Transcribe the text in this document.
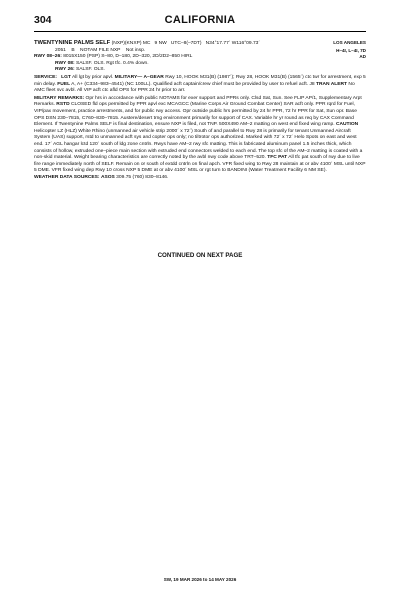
304	CALIFORNIA
TWENTYNINE PALMS SELF (NXP)(KNXP) MC 9 NW UTC–8(–7DT) N34°17.77´ W116°09.73´	LOS ANGELES
2051 B NOTAM FILE NXP Not insp.	H–4I, L–4I, 7D
RWY 08–26: 8015X150 (PSP) S–80, D–180, 2D–320, 2D/2D2–850 HIRL	AD
RWY 08: SALSF. OLS. Rgt tfc. 0.4% down.
RWY 26: SALSF. OLS.
SERVICE: LGT All lgt by prior apvl. MILITARY— A–GEAR Rwy 10, HOOK M31(B) (1987´); Rwy 28, HOOK M31(B) (1565´) ctc twr for arrestment, exp 5 min delay. FUEL A, A+ (C334–983–4541) (NC 100LL). Qualified acft captain/crew chief must be provided by user to refuel acft. J8 TRAN ALERT No AMC fleet svc avbl. All VIP acft ctc afld OPS for PPR 24 hr prior to arr.
MILITARY REMARKS: Opr hrs in accordance with public NOTAMS for exer support and PPRs only. Clsd Sat, Sun. See FLIP AP/1, Supplementary Arpt Remarks. RSTD CLOSED fld ops permitted by PPR apvl exc MCAGCC (Marine Corps Air Ground Combat Center) SAR acft only. PPR rqrd for Fuel, VIP/pax movement, practice arrestments, and for public rwy access. Opr outside public hrs permitted by 24 hr PPR, 72 hr PPR for Sat, Sun opr. Base OPS DSN 230–7815, C760–830–7815. Austere/desert trng environment primarily for support of CAX. Variable hr yr round as req by CAX Command Element. If Twentynine Palms SELF is final destination, ensure NXP is filed, not TNP. 500X490 AM–2 matting on west end fixed wing ramp. CAUTION Helicopter LZ (HLZ) White Rhino (unmanned air vehicle strip 2000´ x 72´) South of and parallel to Rwy 28 is primarily for tenant Unmanned Aircraft System (UAS) support, rstd to unmanned acft sys and copter ops only; no tiltrotor ops authorized. Marked with 72´ x 72´ Helo Spots on east and west end. 17´ AGL hangar lctd 120´ south of ldg zone cntrln. Rwys have AM–2 rwy sfc matting. This is fabricated aluminum panel 1.5 inches thick, which consists of hollow, extruded one–piece main section with extruded end connectors welded to each end. The top sfc of the AM–2 matting is coated with a non-skid material. Weight bearing characteristics are correctly noted by the avbl nwy code above TRT–520. TFC PAT All tfc pat south of rwy due to live fire range immediately north of SELF. Remain on or south of extdd cntrln on final apch. VFR fixed wing to Rwy 28 maintain at or abv 4100´ MSL until NXP 5 DME. VFR fixed wing dep Rwy 10 cross NXP 5 DME at or abv 4100´ MSL or rgt turn to BANDINI (Water Treatment Facility 6 NM SE).
WEATHER DATA SOURCES: ASOS 309.75 (760) 830–8146.
CONTINUED ON NEXT PAGE
SW, 19 MAR 2026 to 14 MAY 2026
